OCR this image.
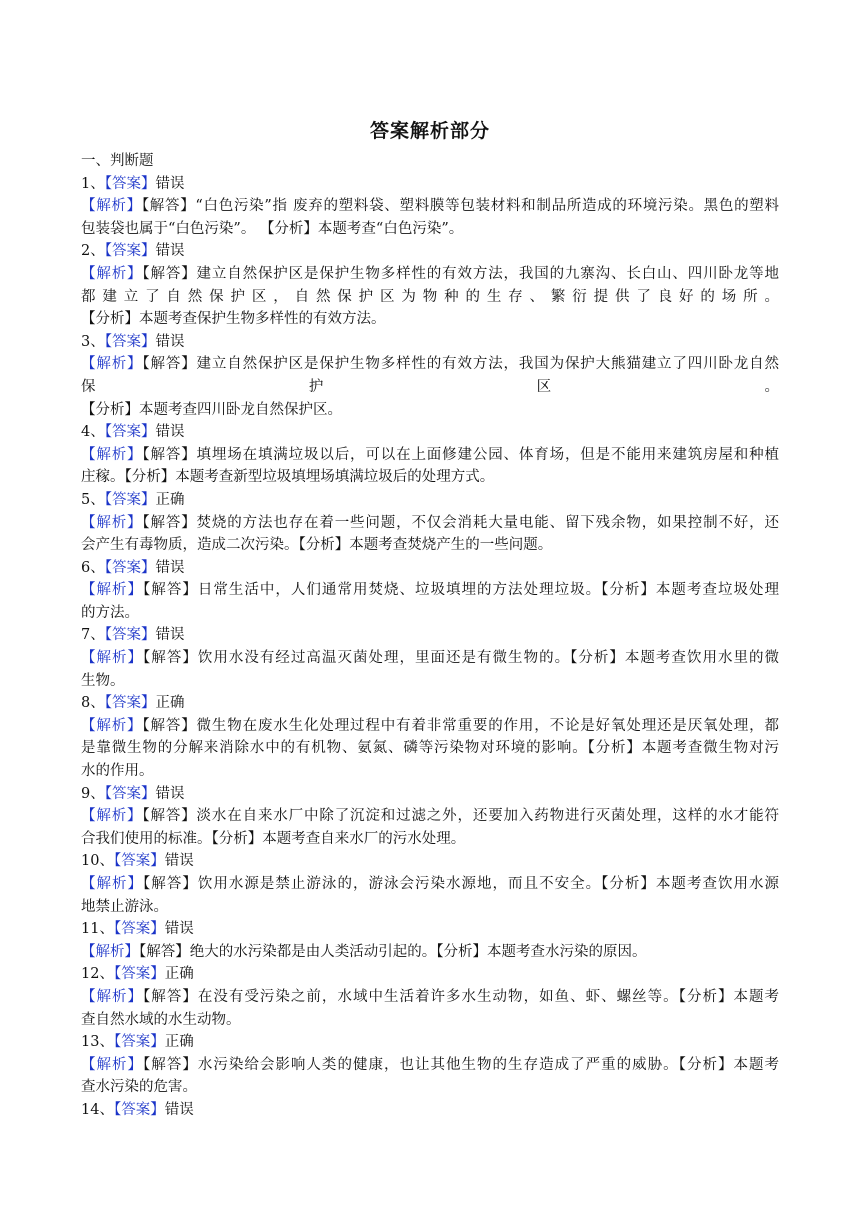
答案解析部分
一、判断题
1、【答案】错误
【解析】【解答】“白色污染”指 废弃的塑料袋、塑料膜等包装材料和制品所造成的环境污染。黑色的塑料
包装袋也属于“白色污染”。 【分析】本题考查“白色污染”。
2、【答案】错误
【解析】【解答】建立自然保护区是保护生物多样性的有效方法，我国的九寨沟、长白山、四川卧龙等地
都建立了自然保护区，自然保护区为物种的生存、繁衍提供了良好的场所。
【分析】本题考查保护生物多样性的有效方法。
3、【答案】错误
【解析】【解答】建立自然保护区是保护生物多样性的有效方法，我国为保护大熊猫建立了四川卧龙自然
保护区。
【分析】本题考查四川卧龙自然保护区。
4、【答案】错误
【解析】【解答】填埋场在填满垃圾以后，可以在上面修建公园、体育场，但是不能用来建筑房屋和种植
庄稼。【分析】本题考查新型垃圾填埋场填满垃圾后的处理方式。
5、【答案】正确
【解析】【解答】焚烧的方法也存在着一些问题，不仅会消耗大量电能、留下残余物，如果控制不好，还
会产生有毒物质，造成二次污染。【分析】本题考查焚烧产生的一些问题。
6、【答案】错误
【解析】【解答】日常生活中，人们通常用焚烧、垃圾填埋的方法处理垃圾。【分析】本题考查垃圾处理
的方法。
7、【答案】错误
【解析】【解答】饮用水没有经过高温灭菌处理，里面还是有微生物的。【分析】本题考查饮用水里的微
生物。
8、【答案】正确
【解析】【解答】微生物在废水生化处理过程中有着非常重要的作用，不论是好氧处理还是厌氧处理，都
是靠微生物的分解来消除水中的有机物、氨氮、磷等污染物对环境的影响。【分析】本题考查微生物对污
水的作用。
9、【答案】错误
【解析】【解答】淡水在自来水厂中除了沉淀和过滤之外，还要加入药物进行灭菌处理，这样的水才能符
合我们使用的标准。【分析】本题考查自来水厂的污水处理。
10、【答案】错误
【解析】【解答】饮用水源是禁止游泳的，游泳会污染水源地，而且不安全。【分析】本题考查饮用水源
地禁止游泳。
11、【答案】错误
【解析】【解答】绝大的水污染都是由人类活动引起的。【分析】本题考查水污染的原因。
12、【答案】正确
【解析】【解答】在没有受污染之前，水域中生活着许多水生动物，如鱼、虾、螺丝等。【分析】本题考
查自然水域的水生动物。
13、【答案】正确
【解析】【解答】水污染给会影响人类的健康，也让其他生物的生存造成了严重的威胁。【分析】本题考
查水污染的危害。
14、【答案】错误
